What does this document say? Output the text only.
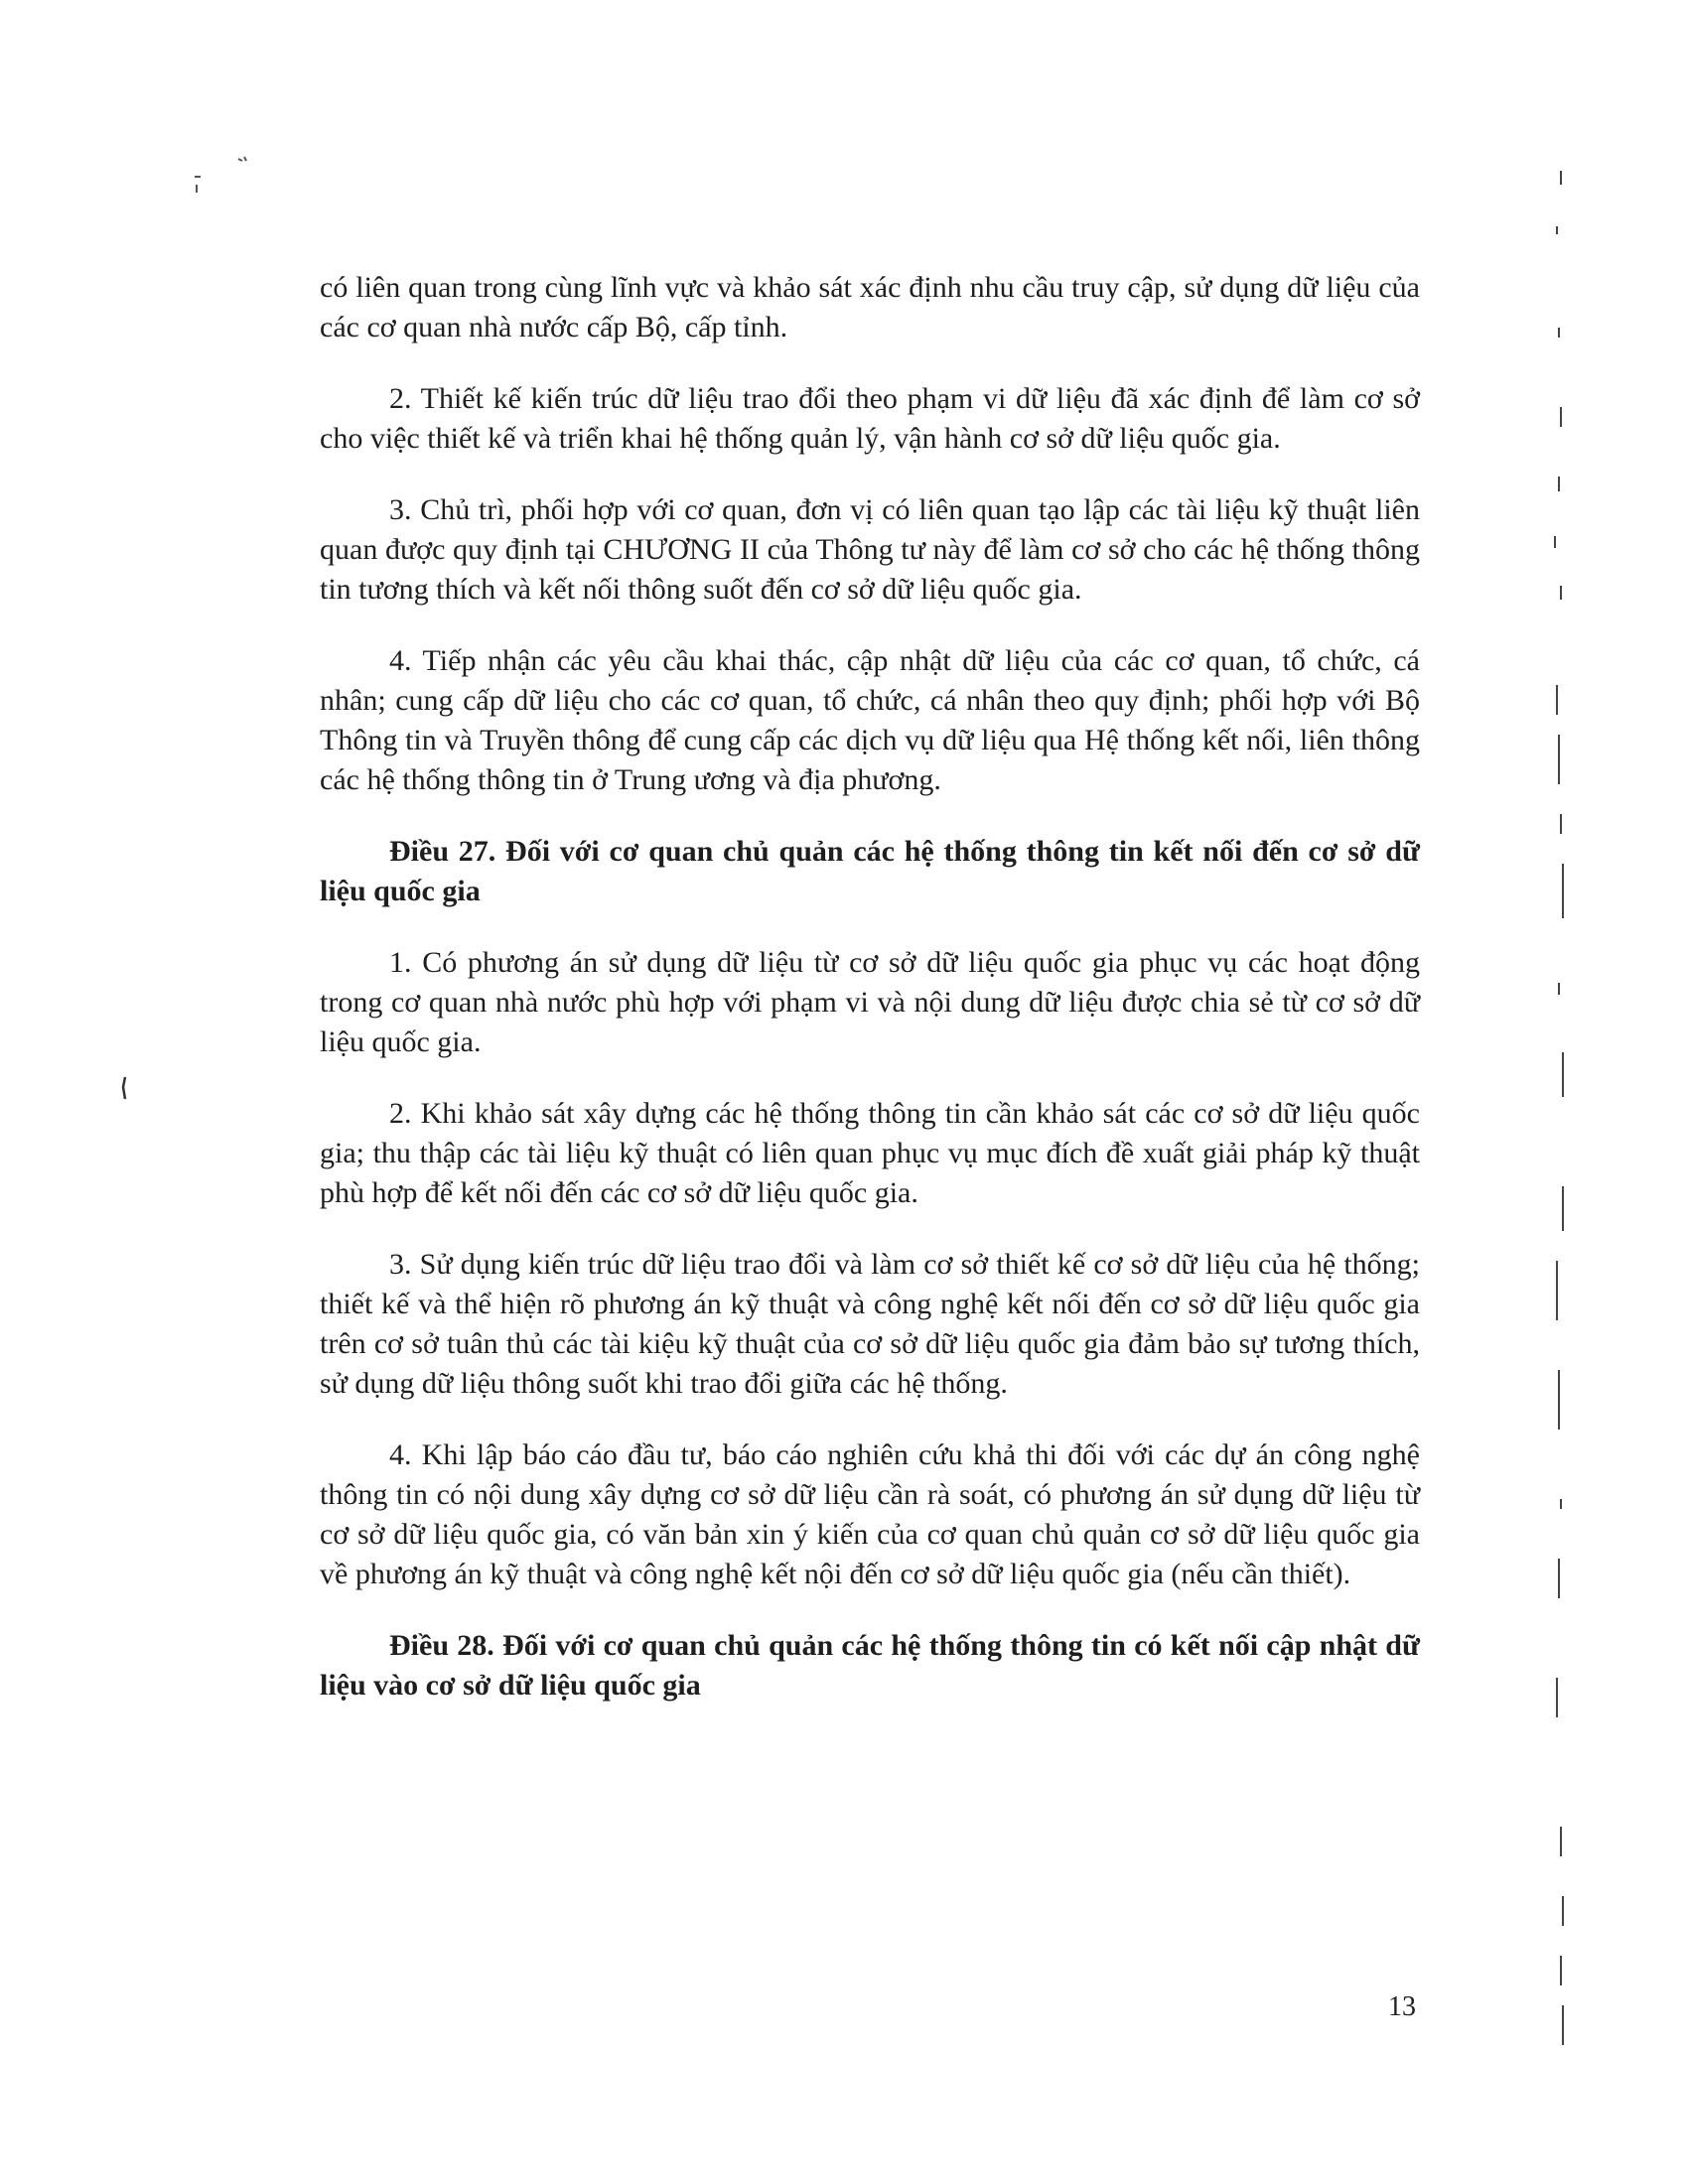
có liên quan trong cùng lĩnh vực và khảo sát xác định nhu cầu truy cập, sử dụng dữ liệu của các cơ quan nhà nước cấp Bộ, cấp tỉnh.

2. Thiết kế kiến trúc dữ liệu trao đổi theo phạm vi dữ liệu đã xác định để làm cơ sở cho việc thiết kế và triển khai hệ thống quản lý, vận hành cơ sở dữ liệu quốc gia.

3. Chủ trì, phối hợp với cơ quan, đơn vị có liên quan tạo lập các tài liệu kỹ thuật liên quan được quy định tại CHƯƠNG II của Thông tư này để làm cơ sở cho các hệ thống thông tin tương thích và kết nối thông suốt đến cơ sở dữ liệu quốc gia.

4. Tiếp nhận các yêu cầu khai thác, cập nhật dữ liệu của các cơ quan, tổ chức, cá nhân; cung cấp dữ liệu cho các cơ quan, tổ chức, cá nhân theo quy định; phối hợp với Bộ Thông tin và Truyền thông để cung cấp các dịch vụ dữ liệu qua Hệ thống kết nối, liên thông các hệ thống thông tin ở Trung ương và địa phương.

Điều 27. Đối với cơ quan chủ quản các hệ thống thông tin kết nối đến cơ sở dữ liệu quốc gia

1. Có phương án sử dụng dữ liệu từ cơ sở dữ liệu quốc gia phục vụ các hoạt động trong cơ quan nhà nước phù hợp với phạm vi và nội dung dữ liệu được chia sẻ từ cơ sở dữ liệu quốc gia.

2. Khi khảo sát xây dựng các hệ thống thông tin cần khảo sát các cơ sở dữ liệu quốc gia; thu thập các tài liệu kỹ thuật có liên quan phục vụ mục đích đề xuất giải pháp kỹ thuật phù hợp để kết nối đến các cơ sở dữ liệu quốc gia.

3. Sử dụng kiến trúc dữ liệu trao đổi và làm cơ sở thiết kế cơ sở dữ liệu của hệ thống; thiết kế và thể hiện rõ phương án kỹ thuật và công nghệ kết nối đến cơ sở dữ liệu quốc gia trên cơ sở tuân thủ các tài kiệu kỹ thuật của cơ sở dữ liệu quốc gia đảm bảo sự tương thích, sử dụng dữ liệu thông suốt khi trao đổi giữa các hệ thống.

4. Khi lập báo cáo đầu tư, báo cáo nghiên cứu khả thi đối với các dự án công nghệ thông tin có nội dung xây dựng cơ sở dữ liệu cần rà soát, có phương án sử dụng dữ liệu từ cơ sở dữ liệu quốc gia, có văn bản xin ý kiến của cơ quan chủ quản cơ sở dữ liệu quốc gia về phương án kỹ thuật và công nghệ kết nội đến cơ sở dữ liệu quốc gia (nếu cần thiết).

Điều 28. Đối với cơ quan chủ quản các hệ thống thông tin có kết nối cập nhật dữ liệu vào cơ sở dữ liệu quốc gia

13
